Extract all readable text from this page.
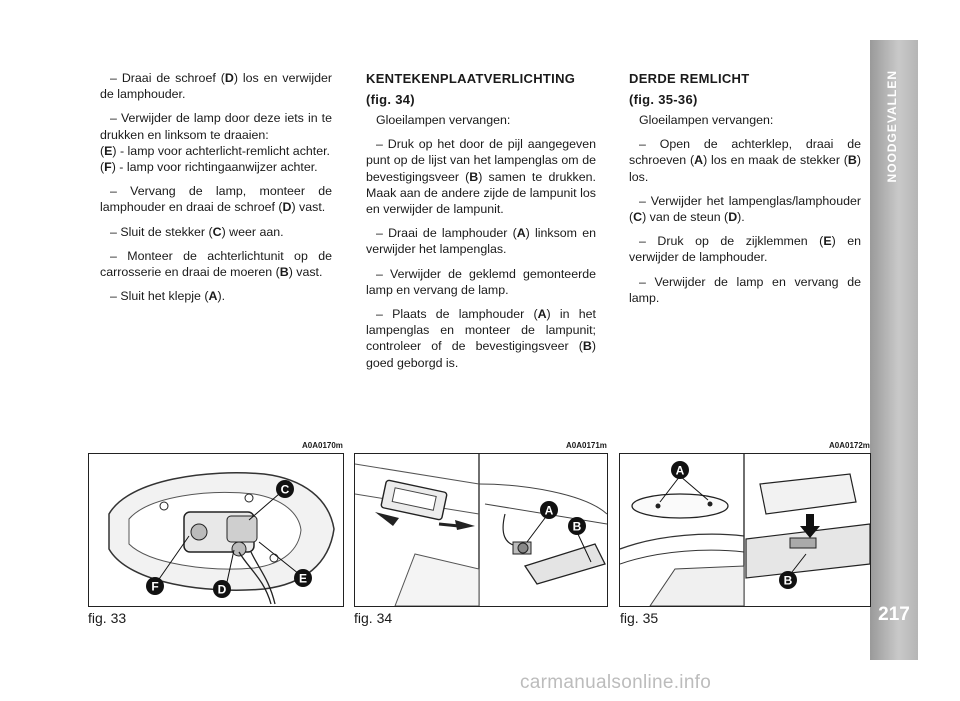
NOODGEVALLEN
217

– Draai de schroef (D) los en verwijder de lamphouder.

– Verwijder de lamp door deze iets in te drukken en linksom te draaien:

(E) - lamp voor achterlicht-remlicht achter.

(F) - lamp voor richtingaanwijzer achter.

– Vervang de lamp, monteer de lamphouder en draai de schroef (D) vast.

– Sluit de stekker (C) weer aan.

– Monteer de achterlichtunit op de carrosserie en draai de moeren (B) vast.

– Sluit het klepje (A).

KENTEKENPLAATVERLICHTING

(fig. 34)

Gloeilampen vervangen:

– Druk op het door de pijl aangegeven punt op de lijst van het lampenglas om de bevestigingsveer (B) samen te drukken. Maak aan de andere zijde de lampunit los en verwijder de lampunit.

– Draai de lamphouder (A) linksom en verwijder het lampenglas.

– Verwijder de geklemd gemonteerde lamp en vervang de lamp.

– Plaats de lamphouder (A) in het lampenglas en monteer de lampunit; controleer of de bevestigingsveer (B) goed geborgd is.

DERDE REMLICHT

(fig. 35-36)

Gloeilampen vervangen:

– Open de achterklep, draai de schroeven (A) los en maak de stekker (B) los.

– Verwijder het lampenglas/lamphouder (C) van de steun (D).

– Druk op de zijklemmen (E) en verwijder de lamphouder.

– Verwijder de lamp en vervang de lamp.

A0A0170m
C
E
D
F
fig. 33
A0A0171m
A
B
fig. 34
A0A0172m
A
B
fig. 35
carmanualsonline.info
